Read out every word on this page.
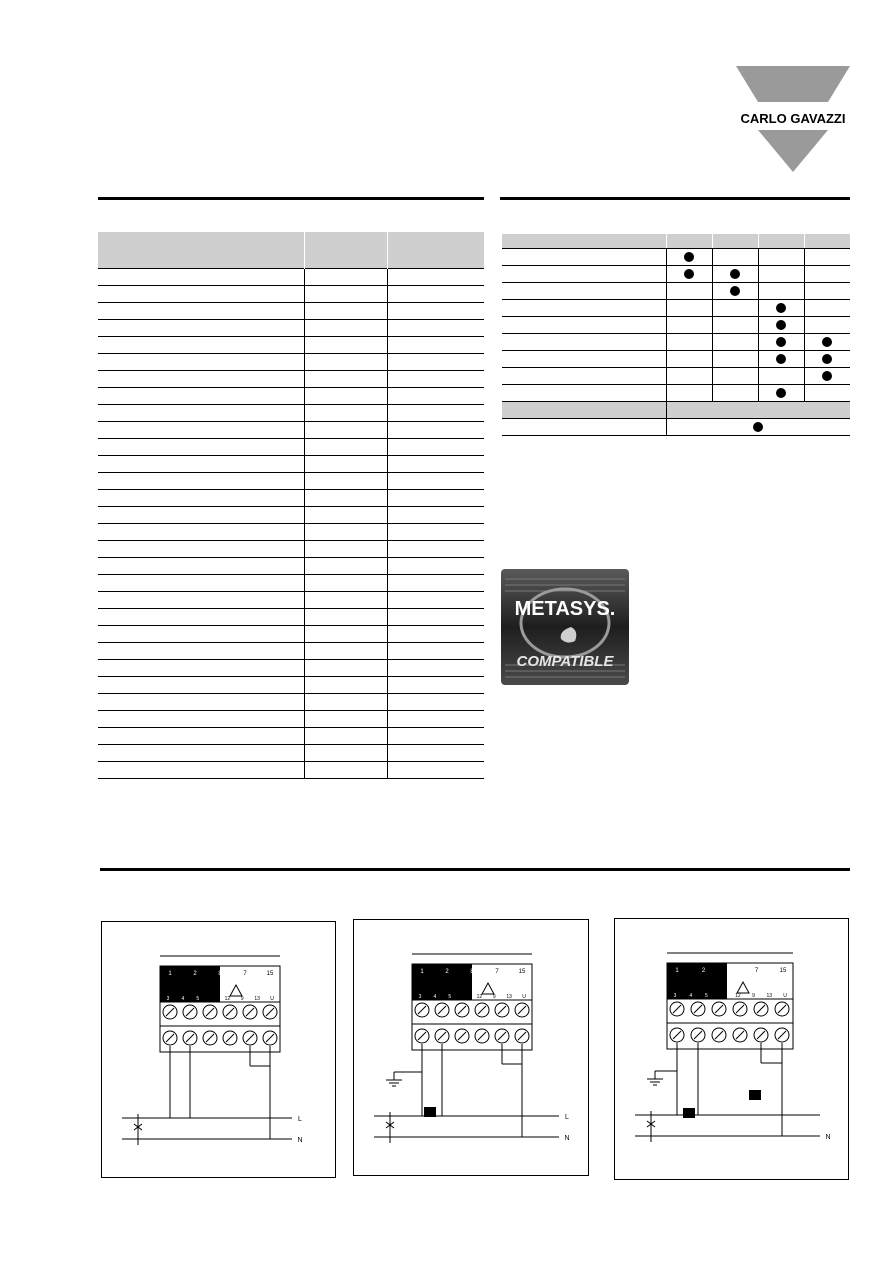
CARLO GAVAZZI

METASYS.
COMPATIBLE
1	2	8	7	15
3 4 5 11 12 9 13 U
L
N
1	2	8	7	15
3 4 5 11 12 9 13 U
L
N
1	2	8	7	15
3	4	5 11 12 9 13 U
N
